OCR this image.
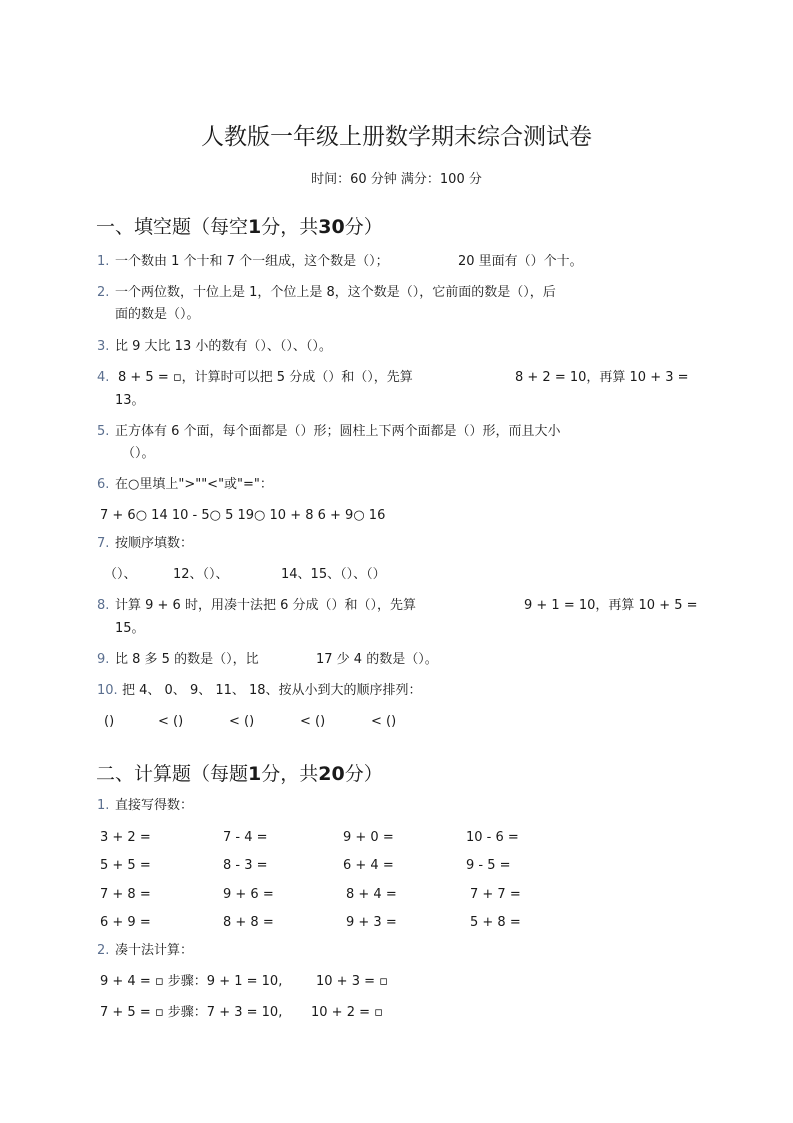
人教版一年级上册数学期末综合测试卷
时间：60 分钟 满分：100 分
一、填空题（每空1分，共30分）
1. 一个数由 1 个十和 7 个一组成，这个数是（）；	20 里面有（）个十。
2. 一个两位数，十位上是 1，个位上是 8，这个数是（），它前面的数是（），后
面的数是（）。
3. 比 9 大比 13 小的数有（）、（）、（）。
4. 8 + 5 = ▫，计算时可以把 5 分成（）和（），先算	8 + 2 = 10，再算 10 + 3 =
13。
5. 正方体有 6 个面，每个面都是（）形；圆柱上下两个面都是（）形，而且大小
（）。
6. 在○里填上">""<"或"="：
7 + 6○ 14 10 - 5○ 5 19○ 10 + 8 6 + 9○ 16
7. 按顺序填数：
（）、	12、（）、	14、15、（）、（）
8. 计算 9 + 6 时，用凑十法把 6 分成（）和（），先算	9 + 1 = 10，再算 10 + 5 =
15。
9. 比 8 多 5 的数是（），比	17 少 4 的数是（）。
10. 把 4、 0、 9、 11、 18、按从小到大的顺序排列：
()	< ()	< ()	< ()	< ()
二、计算题（每题1分，共20分）
1. 直接写得数：
3 + 2 =	7 - 4 =	9 + 0 =	10 - 6 =
5 + 5 =	8 - 3 =	6 + 4 =	9 - 5 =
7 + 8 =	9 + 6 =	8 + 4 =	7 + 7 =
6 + 9 =	8 + 8 =	9 + 3 =	5 + 8 =
2. 凑十法计算：
9 + 4 = ▫ 步骤：9 + 1 = 10,	10 + 3 = ▫
7 + 5 = ▫ 步骤：7 + 3 = 10, 10 + 2 = ▫
